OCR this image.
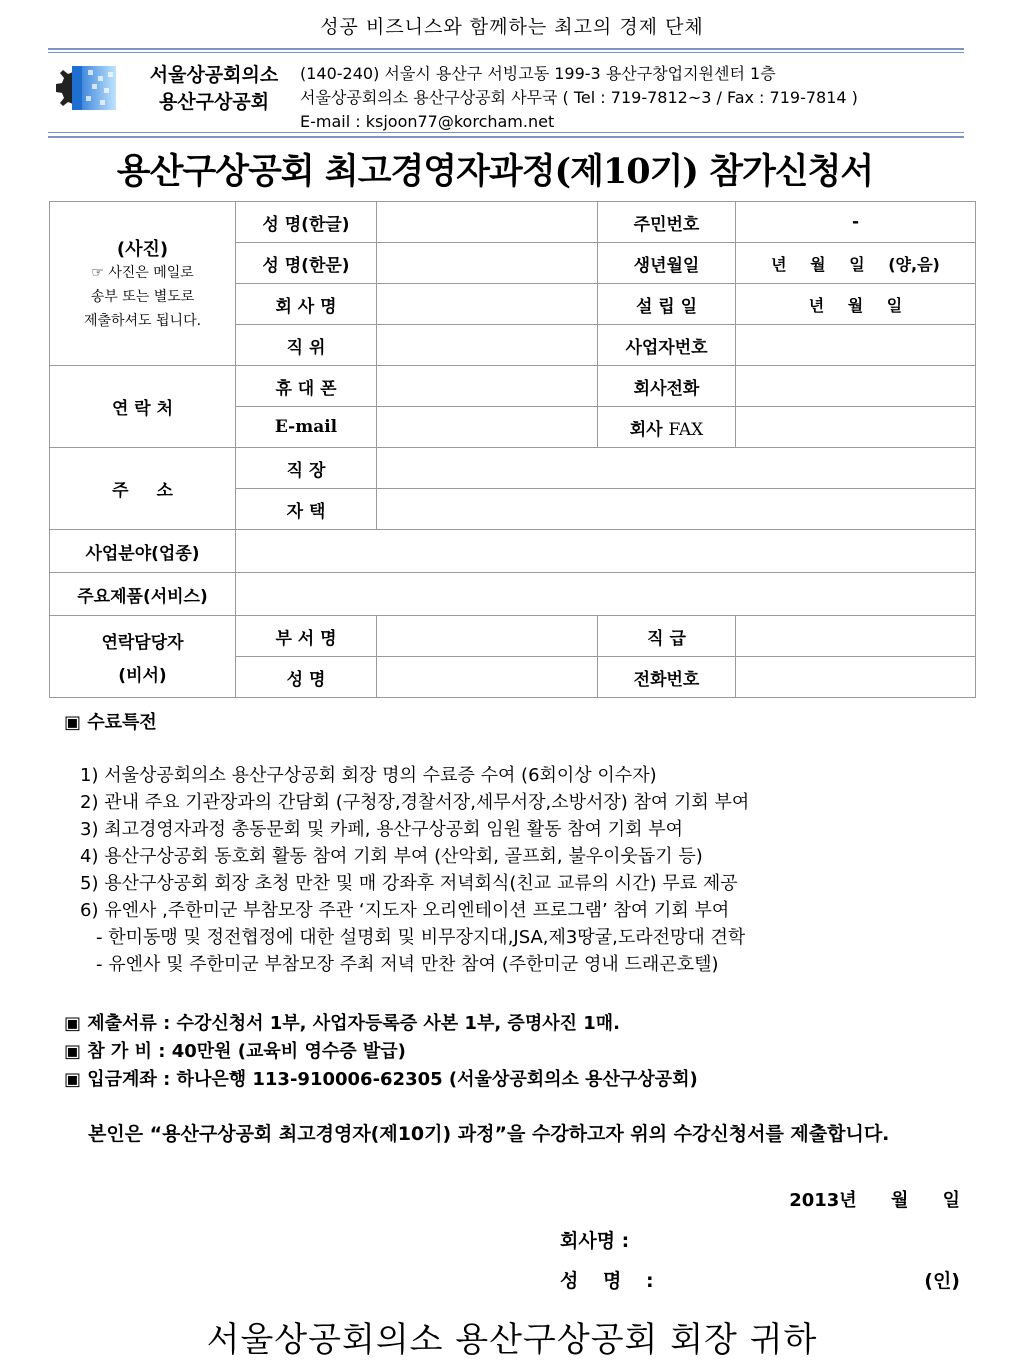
성공 비즈니스와 함께하는 최고의 경제 단체
서울상공회의소
용산구상공회
(140-240) 서울시 용산구 서빙고동 199-3 용산구창업지원센터 1층
서울상공회의소 용산구상공회 사무국 ( Tel : 719-7812~3 / Fax : 719-7814 )
E-mail : ksjoon77@korcham.net
용산구상공회 최고경영자과정(제10기) 참가신청서
(사진)
☞ 사진은 메일로
송부 또는 별도로
제출하셔도 됩니다.	성 명(한글)		주민번호	-
	성 명(한문)		생년월일	년 월 일 (양,음)
	회 사 명		설 립 일	년 월 일
	직 위		사업자번호	
연 락 처	휴 대 폰		회사전화	
	E-mail		회사 FAX	
주 소	직 장			
	자 택			
사업분야(업종)				
주요제품(서비스)				

연락담당자
(비서)	부 서 명		직 급	
	성 명		전화번호	
▣ 수료특전
1) 서울상공회의소 용산구상공회 회장 명의 수료증 수여 (6회이상 이수자)
2) 관내 주요 기관장과의 간담회 (구청장,경찰서장,세무서장,소방서장) 참여 기회 부여
3) 최고경영자과정 총동문회 및 카페, 용산구상공회 임원 활동 참여 기회 부여
4) 용산구상공회 동호회 활동 참여 기회 부여 (산악회, 골프회, 불우이웃돕기 등)
5) 용산구상공회 회장 초청 만찬 및 매 강좌후 저녁회식(친교 교류의 시간) 무료 제공
6) 유엔사 ,주한미군 부참모장 주관 ‘지도자 오리엔테이션 프로그램’ 참여 기회 부여
- 한미동맹 및 정전협정에 대한 설명회 및 비무장지대,JSA,제3땅굴,도라전망대 견학
- 유엔사 및 주한미군 부참모장 주최 저녁 만찬 참여 (주한미군 영내 드래곤호텔)
▣ 제출서류 : 수강신청서 1부, 사업자등록증 사본 1부, 증명사진 1매.
▣ 참 가 비 : 40만원 (교육비 영수증 발급)
▣ 입금계좌 : 하나은행 113-910006-62305 (서울상공회의소 용산구상공회)
본인은 “용산구상공회 최고경영자(제10기) 과정”을 수강하고자 위의 수강신청서를 제출합니다.
2013년 월 일
회사명 :
성 명 :	(인)
서울상공회의소 용산구상공회 회장 귀하
